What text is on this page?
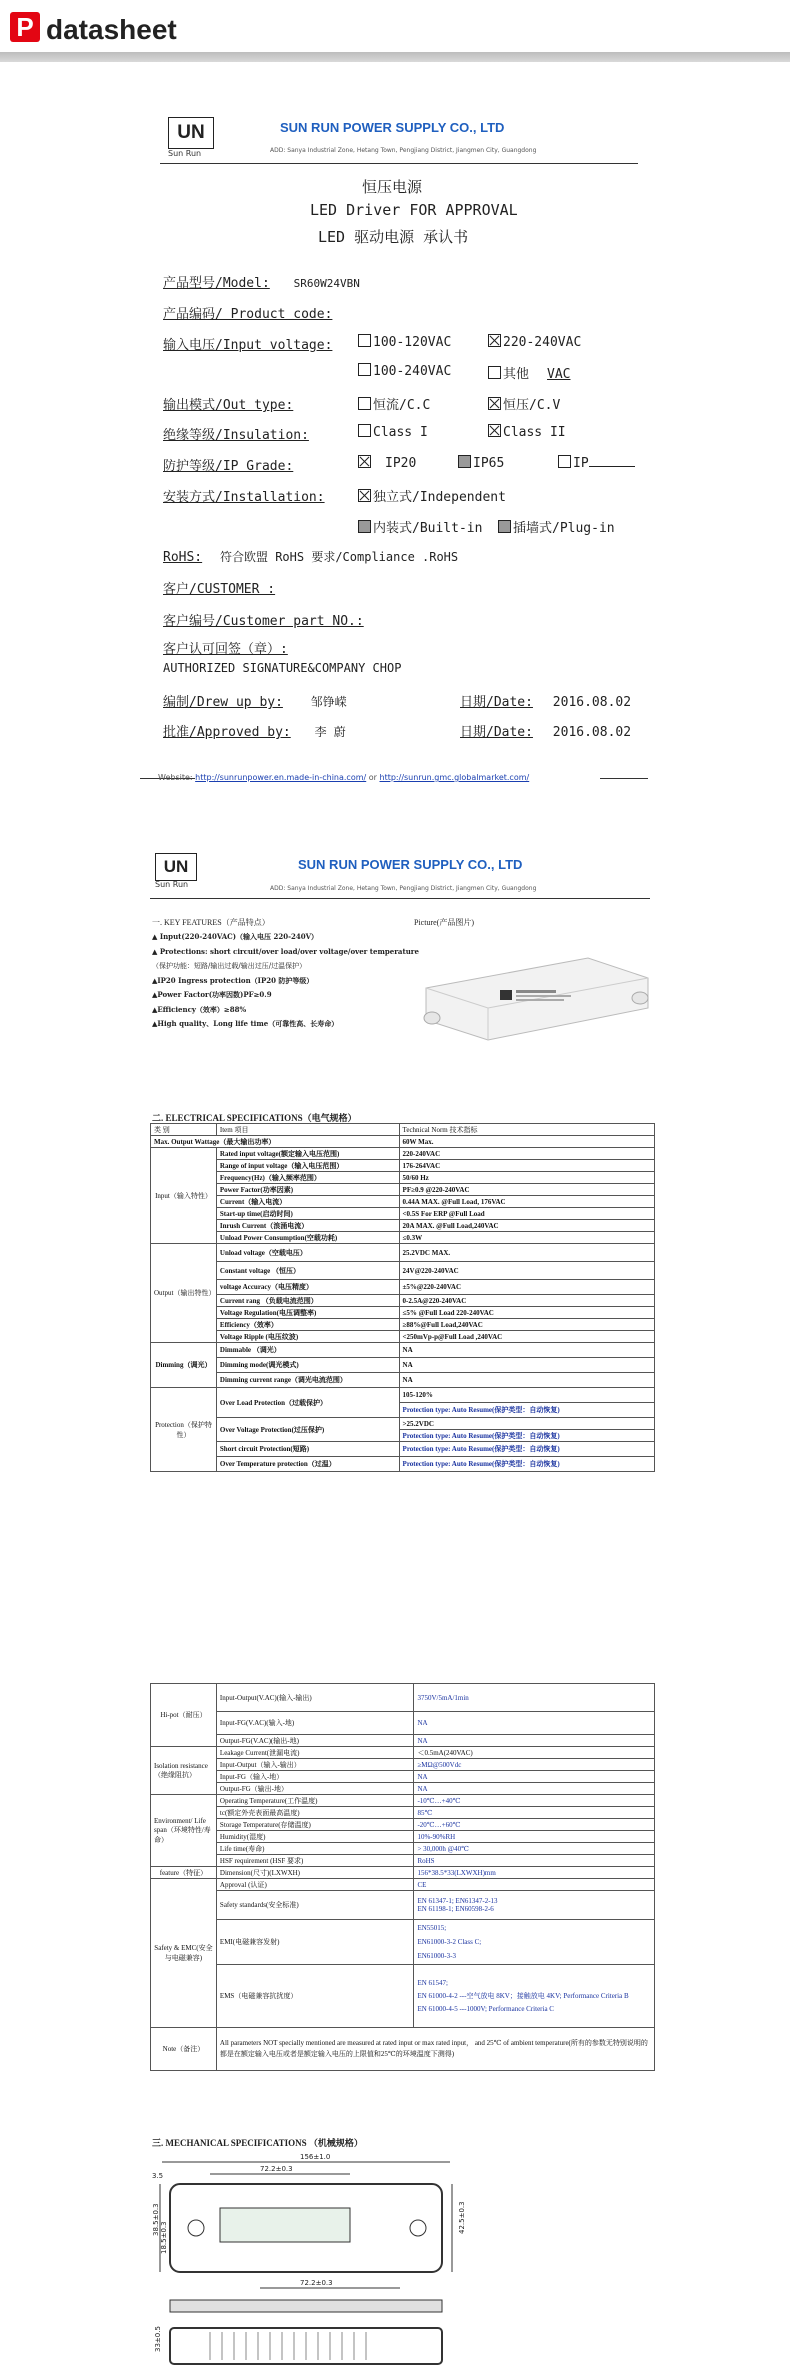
P datasheet
UN
Sun Run
SUN RUN POWER SUPPLY CO., LTD
ADD: Sanya Industrial Zone, Hetang Town, Pengjiang District, Jiangmen City, Guangdong
恒压电源
LED Driver FOR APPROVAL
LED 驱动电源 承认书
产品型号/Model: SR60W24VBN
产品编码/ Product code:
输入电压/Input voltage:	100-120VAC	220-240VAC
100-240VAC	其他 VAC
输出模式/Out type:	恒流/C.C	恒压/C.V
绝缘等级/Insulation:	Class I	Class II
防护等级/IP Grade:	IP20	IP65	IP
安装方式/Installation:	独立式/Independent
内装式/Built-in	插墙式/Plug-in
RoHS: 符合欧盟 RoHS 要求/Compliance .RoHS
客户/CUSTOMER :
客户编号/Customer part NO.:
客户认可回签（章）:
AUTHORIZED SIGNATURE&COMPANY CHOP
编制/Drew up by: 邹铮嵘	日期/Date: 2016.08.02
批准/Approved by: 李 蔚	日期/Date: 2016.08.02
Website: http://sunrunpower.en.made-in-china.com/ or http://sunrun.gmc.globalmarket.com/
UN
Sun Run
SUN RUN POWER SUPPLY CO., LTD
ADD: Sanya Industrial Zone, Hetang Town, Pengjiang District, Jiangmen City, Guangdong
一. KEY FEATURES（产品特点）	Picture(产品图片)
▲ Input(220-240VAC)（输入电压 220-240V）
▲ Protections: short circuit/over load/over voltage/over temperature
（保护功能：短路/输出过载/输出过压/过温保护）
▲IP20 Ingress protection（IP20 防护等级）
▲Power Factor(功率因数)PF≥0.9
▲Efficiency（效率）≥88%
▲High quality、Long life time（可靠性高、长寿命）
二. ELECTRICAL SPECIFICATIONS（电气规格）
类 别	Item 项目	Technical Norm 技术指标
Max. Output Wattage（最大输出功率）		60W Max.
Input（输入特性）	Rated input voltage(额定输入电压范围)	220-240VAC
	Range of input voltage（输入电压范围）	176-264VAC
	Frequency(Hz)（输入频率范围）	50/60 Hz
	Power Factor(功率因素)	PF≥0.9 @220-240VAC
	Current（输入电流）	0.44A MAX. @Full Load, 176VAC
	Start-up time(启动时间)	<0.5S For ERP @Full Load
	Inrush Current（浪涌电流）	20A MAX. @Full Load,240VAC
	Unload Power Consumption(空载功耗)	≤0.3W
Output（输出特性）	Unload voltage（空载电压）	25.2VDC MAX.
	Constant voltage （恒压）	24V@220-240VAC
	voltage Accuracy（电压精度）	±5%@220-240VAC
	Current rang （负载电流范围）	0-2.5A@220-240VAC
	Voltage Regulation(电压调整率)	≤5% @Full Load 220-240VAC
	Efficiency（效率）	≥88%@Full Load,240VAC
	Voltage Ripple (电压纹波)	<250mVp-p@Full Load ,240VAC
Dimming（调光）	Dimmable （调光）	NA
	Dimming mode(调光模式)	NA
	Dimming current range（调光电流范围）	NA
Protection（保护特性）	Over Load Protection（过载保护）	105-120%
		Protection type: Auto Resume(保护类型：自动恢复)
	Over Voltage Protection(过压保护)	>25.2VDC
		Protection type: Auto Resume(保护类型：自动恢复)
	Short circuit Protection(短路)	Protection type: Auto Resume(保护类型：自动恢复)
	Over Temperature protection（过温）	Protection type: Auto Resume(保护类型：自动恢复)
Hi-pot（耐压）	Input-Output(V.AC)(输入-输出)	3750V/5mA/1min
	Input-FG(V.AC)(输入-地)	NA
	Output-FG(V.AC)(输出-地)	NA
Isolation resistance（绝缘阻抗）	Leakage Current(泄漏电流)	＜0.5mA(240VAC)
	Input-Output（输入-输出）	≥MΩ@500Vdc
	Input-FG（输入-地）	NA
	Output-FG（输出-地）	NA
Environment/ Life span（环境特性/寿命）	Operating Temperature(工作温度)	-10℃…+40℃
	tc(额定外壳表面最高温度)	85℃
	Storage Temperature(存储温度)	-20℃…+60℃
	Humidity(湿度)	10%-90%RH
	Life time(寿命)	> 30,000h @40℃
	HSF requirement (HSF 要求)	RoHS
feature（特征）	Dimension(尺寸)(LXWXH)	156*38.5*33(LXWXH)mm
Safety & EMC(安全与电磁兼容)	Approval (认证)	CE
	Safety standards(安全标准)	EN 61347-1; EN61347-2-13
EN 61198-1; EN60598-2-6

	EMI(电磁兼容发射)	EN55015;
EN61000-3-2 Class C;
EN61000-3-3

	EMS（电磁兼容抗扰度）	EN 61547;
EN 61000-4-2 ---空气放电 8KV；接触放电 4KV; Performance Criteria B
EN 61000-4-5 ---1000V; Performance Criteria C

Note（备注）	All parameters NOT specially mentioned are measured at rated input or max rated input， and 25℃ of ambient temperature(所有的参数无特别说明的都是在额定输入电压或者是额定输入电压的上限值和25℃的环境温度下测得)	
三. MECHANICAL SPECIFICATIONS （机械规格）
156±1.0
72.2±0.3
3.5
72.2±0.3
38.5±0.3	42.5±0.3
18.5±0.3
33±0.5
